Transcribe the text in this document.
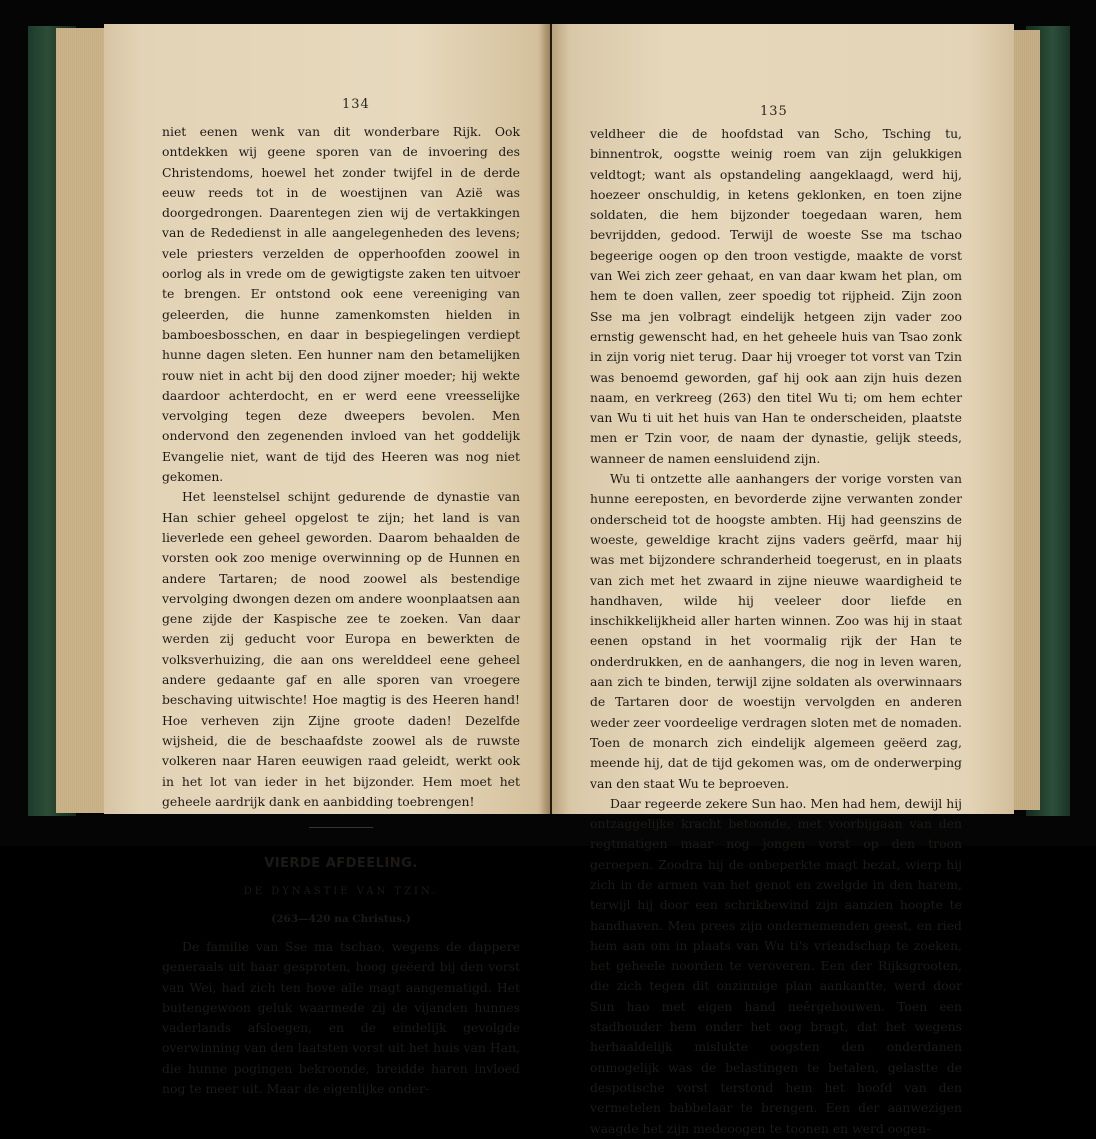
134

niet eenen wenk van dit wonderbare Rijk. Ook ontdekken wij geene sporen van de invoering des Christendoms, hoewel het zonder twijfel in de derde eeuw reeds tot in de woestijnen van Azië was doorgedrongen. Daarentegen zien wij de vertakkingen van de Rededienst in alle aangelegenheden des levens; vele priesters verzelden de opperhoofden zoowel in oorlog als in vrede om de gewigtigste zaken ten uitvoer te brengen. Er ontstond ook eene vereeniging van geleerden, die hunne zamenkomsten hielden in bamboesbosschen, en daar in bespiegelingen verdiept hunne dagen sleten. Een hunner nam den betamelijken rouw niet in acht bij den dood zijner moeder; hij wekte daardoor achterdocht, en er werd eene vreesselijke vervolging tegen deze dweepers bevolen. Men ondervond den zegenenden invloed van het goddelijk Evangelie niet, want de tijd des Heeren was nog niet gekomen.

Het leenstelsel schijnt gedurende de dynastie van Han schier geheel opgelost te zijn; het land is van lieverlede een geheel geworden. Daarom behaalden de vorsten ook zoo menige overwinning op de Hunnen en andere Tartaren; de nood zoowel als bestendige vervolging dwongen dezen om andere woonplaatsen aan gene zijde der Kaspische zee te zoeken. Van daar werden zij geducht voor Europa en bewerkten de volksverhuizing, die aan ons werelddeel eene geheel andere gedaante gaf en alle sporen van vroegere beschaving uitwischte! Hoe magtig is des Heeren hand! Hoe verheven zijn Zijne groote daden! Dezelfde wijsheid, die de beschaafdste zoowel als de ruwste volkeren naar Haren eeuwigen raad geleidt, werkt ook in het lot van ieder in het bijzonder. Hem moet het geheele aardrijk dank en aanbidding toebrengen!

VIERDE AFDEELING.
DE DYNASTIE VAN TZIN.
(263—420 na Christus.)

De familie van Sse ma tschao, wegens de dappere generaals uit haar gesproten, hoog geëerd bij den vorst van Wei, had zich ten hove alle magt aangematigd. Het buitengewoon geluk waarmede zij de vijanden hunnes vaderlands afsloegen, en de eindelijk gevolgde overwinning van den laatsten vorst uit het huis van Han, die hunne pogingen bekroonde, breidde haren invloed nog te meer uit. Maar de eigenlijke onder-

135

veldheer die de hoofdstad van Scho, Tsching tu, binnentrok, oogstte weinig roem van zijn gelukkigen veldtogt; want als opstandeling aangeklaagd, werd hij, hoezeer onschuldig, in ketens geklonken, en toen zijne soldaten, die hem bijzonder toegedaan waren, hem bevrijdden, gedood. Terwijl de woeste Sse ma tschao begeerige oogen op den troon vestigde, maakte de vorst van Wei zich zeer gehaat, en van daar kwam het plan, om hem te doen vallen, zeer spoedig tot rijpheid. Zijn zoon Sse ma jen volbragt eindelijk hetgeen zijn vader zoo ernstig gewenscht had, en het geheele huis van Tsao zonk in zijn vorig niet terug. Daar hij vroeger tot vorst van Tzin was benoemd geworden, gaf hij ook aan zijn huis dezen naam, en verkreeg (263) den titel Wu ti; om hem echter van Wu ti uit het huis van Han te onderscheiden, plaatste men er Tzin voor, de naam der dynastie, gelijk steeds, wanneer de namen eensluidend zijn.

Wu ti ontzette alle aanhangers der vorige vorsten van hunne eereposten, en bevorderde zijne verwanten zonder onderscheid tot de hoogste ambten. Hij had geenszins de woeste, geweldige kracht zijns vaders geërfd, maar hij was met bijzondere schranderheid toegerust, en in plaats van zich met het zwaard in zijne nieuwe waardigheid te handhaven, wilde hij veeleer door liefde en inschikkelijkheid aller harten winnen. Zoo was hij in staat eenen opstand in het voormalig rijk der Han te onderdrukken, en de aanhangers, die nog in leven waren, aan zich te binden, terwijl zijne soldaten als overwinnaars de Tartaren door de woestijn vervolgden en anderen weder zeer voordeelige verdragen sloten met de nomaden. Toen de monarch zich eindelijk algemeen geëerd zag, meende hij, dat de tijd gekomen was, om de onderwerping van den staat Wu te beproeven.

Daar regeerde zekere Sun hao. Men had hem, dewijl hij ontzaggelijke kracht betoonde, met voorbijgaan van den regtmatigen maar nog jongen vorst op den troon geroepen. Zoodra hij de onbeperkte magt bezat, wierp hij zich in de armen van het genot en zwelgde in den harem, terwijl hij door een schrikbewind zijn aanzien hoopte te handhaven. Men prees zijn ondernemenden geest, en ried hem aan om in plaats van Wu ti's vriendschap te zoeken, het geheele noorden te veroveren. Een der Rijksgrooten, die zich tegen dit onzinnige plan aankantte, werd door Sun hao met eigen hand neêrgehouwen. Toen een stadhouder hem onder het oog bragt, dat het wegens herhaaldelijk mislukte oogsten den onderdanen onmogelijk was de belastingen te betalen, gelastte de despotische vorst terstond hem het hoofd van den vermetelen babbelaar te brengen. Een der aanwezigen waagde het zijn medeoogen te toonen en werd oogen-
